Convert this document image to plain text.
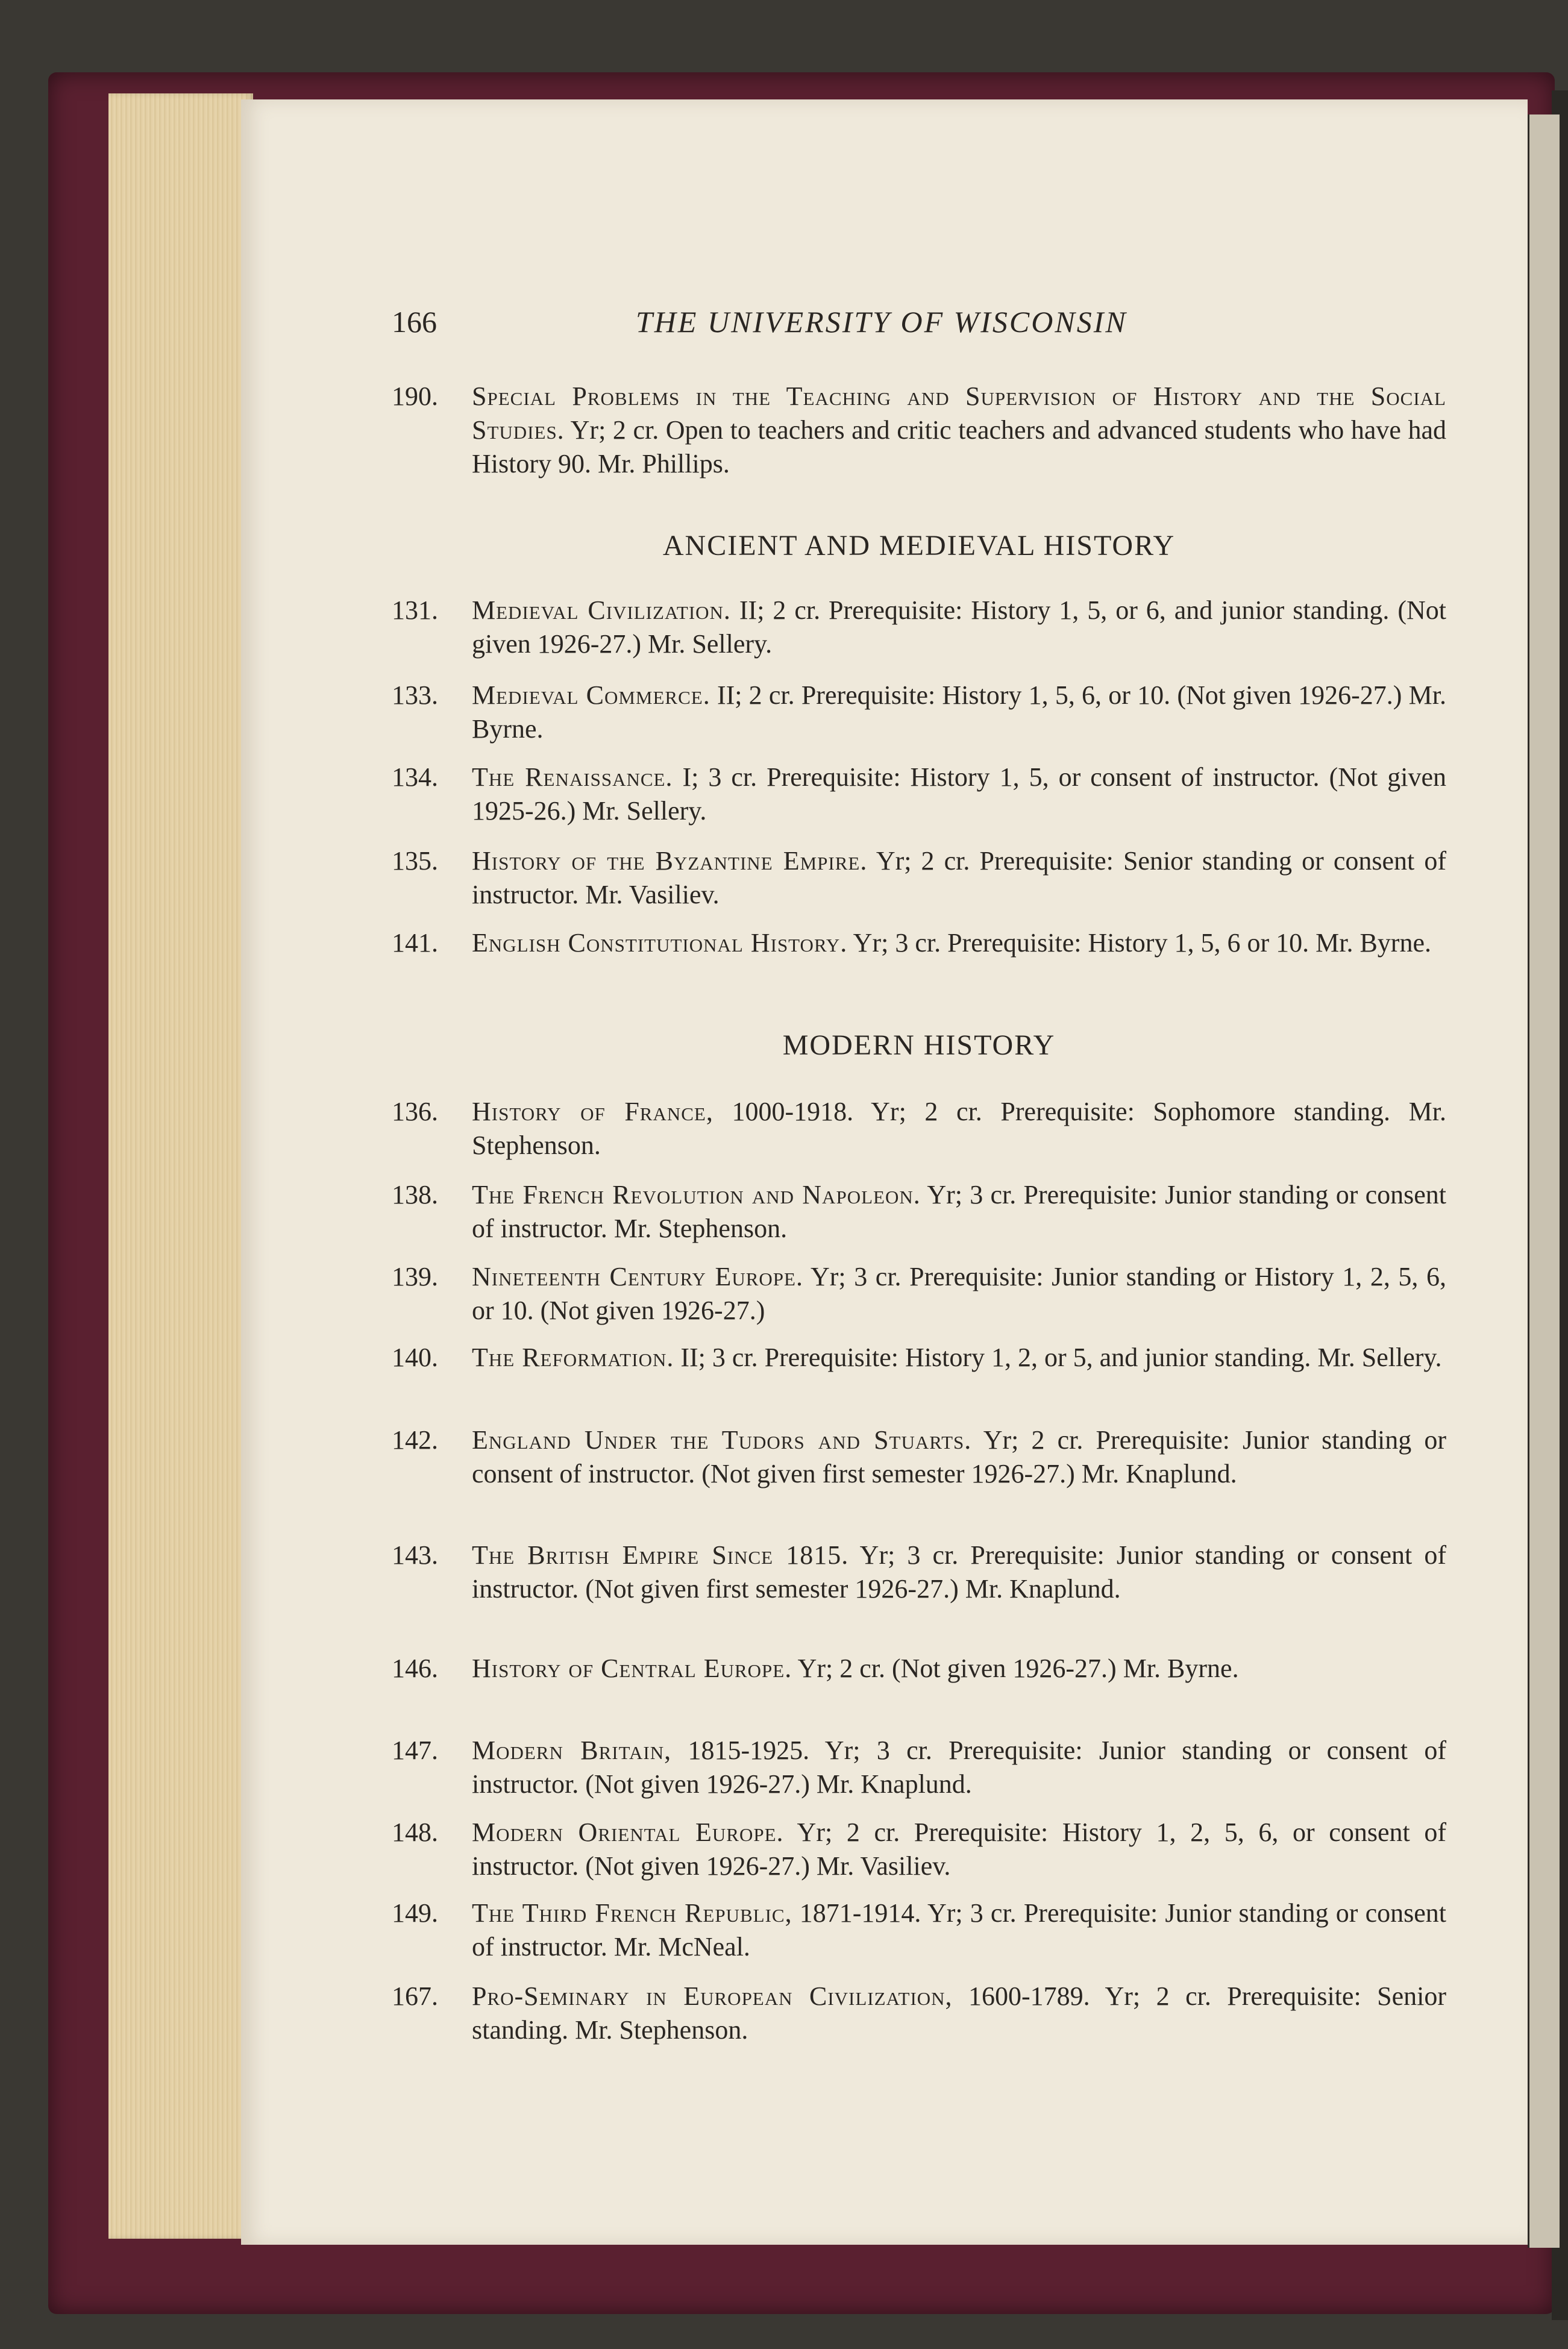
166	THE UNIVERSITY OF WISCONSIN
190.	Special Problems in the Teaching and Supervision of History and the Social Studies. Yr; 2 cr. Open to teachers and critic teachers and advanced students who have had History 90. Mr. Phillips.
ANCIENT AND MEDIEVAL HISTORY
131.	Medieval Civilization. II; 2 cr. Prerequisite: History 1, 5, or 6, and junior standing. (Not given 1926-27.) Mr. Sellery.
133.	Medieval Commerce. II; 2 cr. Prerequisite: History 1, 5, 6, or 10. (Not given 1926-27.) Mr. Byrne.
134.	The Renaissance. I; 3 cr. Prerequisite: History 1, 5, or consent of instructor. (Not given 1925-26.) Mr. Sellery.
135.	History of the Byzantine Empire. Yr; 2 cr. Prerequisite: Senior standing or consent of instructor. Mr. Vasiliev.
141.	English Constitutional History. Yr; 3 cr. Prerequisite: History 1, 5, 6 or 10. Mr. Byrne.
MODERN HISTORY
136.	History of France, 1000-1918. Yr; 2 cr. Prerequisite: Sophomore standing. Mr. Stephenson.
138.	The French Revolution and Napoleon. Yr; 3 cr. Prerequisite: Junior standing or consent of instructor. Mr. Stephenson.
139.	Nineteenth Century Europe. Yr; 3 cr. Prerequisite: Junior standing or History 1, 2, 5, 6, or 10. (Not given 1926-27.)
140.	The Reformation. II; 3 cr. Prerequisite: History 1, 2, or 5, and junior standing. Mr. Sellery.
142.	England Under the Tudors and Stuarts. Yr; 2 cr. Prerequisite: Junior standing or consent of instructor. (Not given first semester 1926-27.) Mr. Knaplund.
143.	The British Empire Since 1815. Yr; 3 cr. Prerequisite: Junior standing or consent of instructor. (Not given first semester 1926-27.) Mr. Knaplund.
146.	History of Central Europe. Yr; 2 cr. (Not given 1926-27.) Mr. Byrne.
147.	Modern Britain, 1815-1925. Yr; 3 cr. Prerequisite: Junior standing or consent of instructor. (Not given 1926-27.) Mr. Knaplund.
148.	Modern Oriental Europe. Yr; 2 cr. Prerequisite: History 1, 2, 5, 6, or consent of instructor. (Not given 1926-27.) Mr. Vasiliev.
149.	The Third French Republic, 1871-1914. Yr; 3 cr. Prerequisite: Junior standing or consent of instructor. Mr. McNeal.
167.	Pro-Seminary in European Civilization, 1600-1789. Yr; 2 cr. Prerequisite: Senior standing. Mr. Stephenson.
